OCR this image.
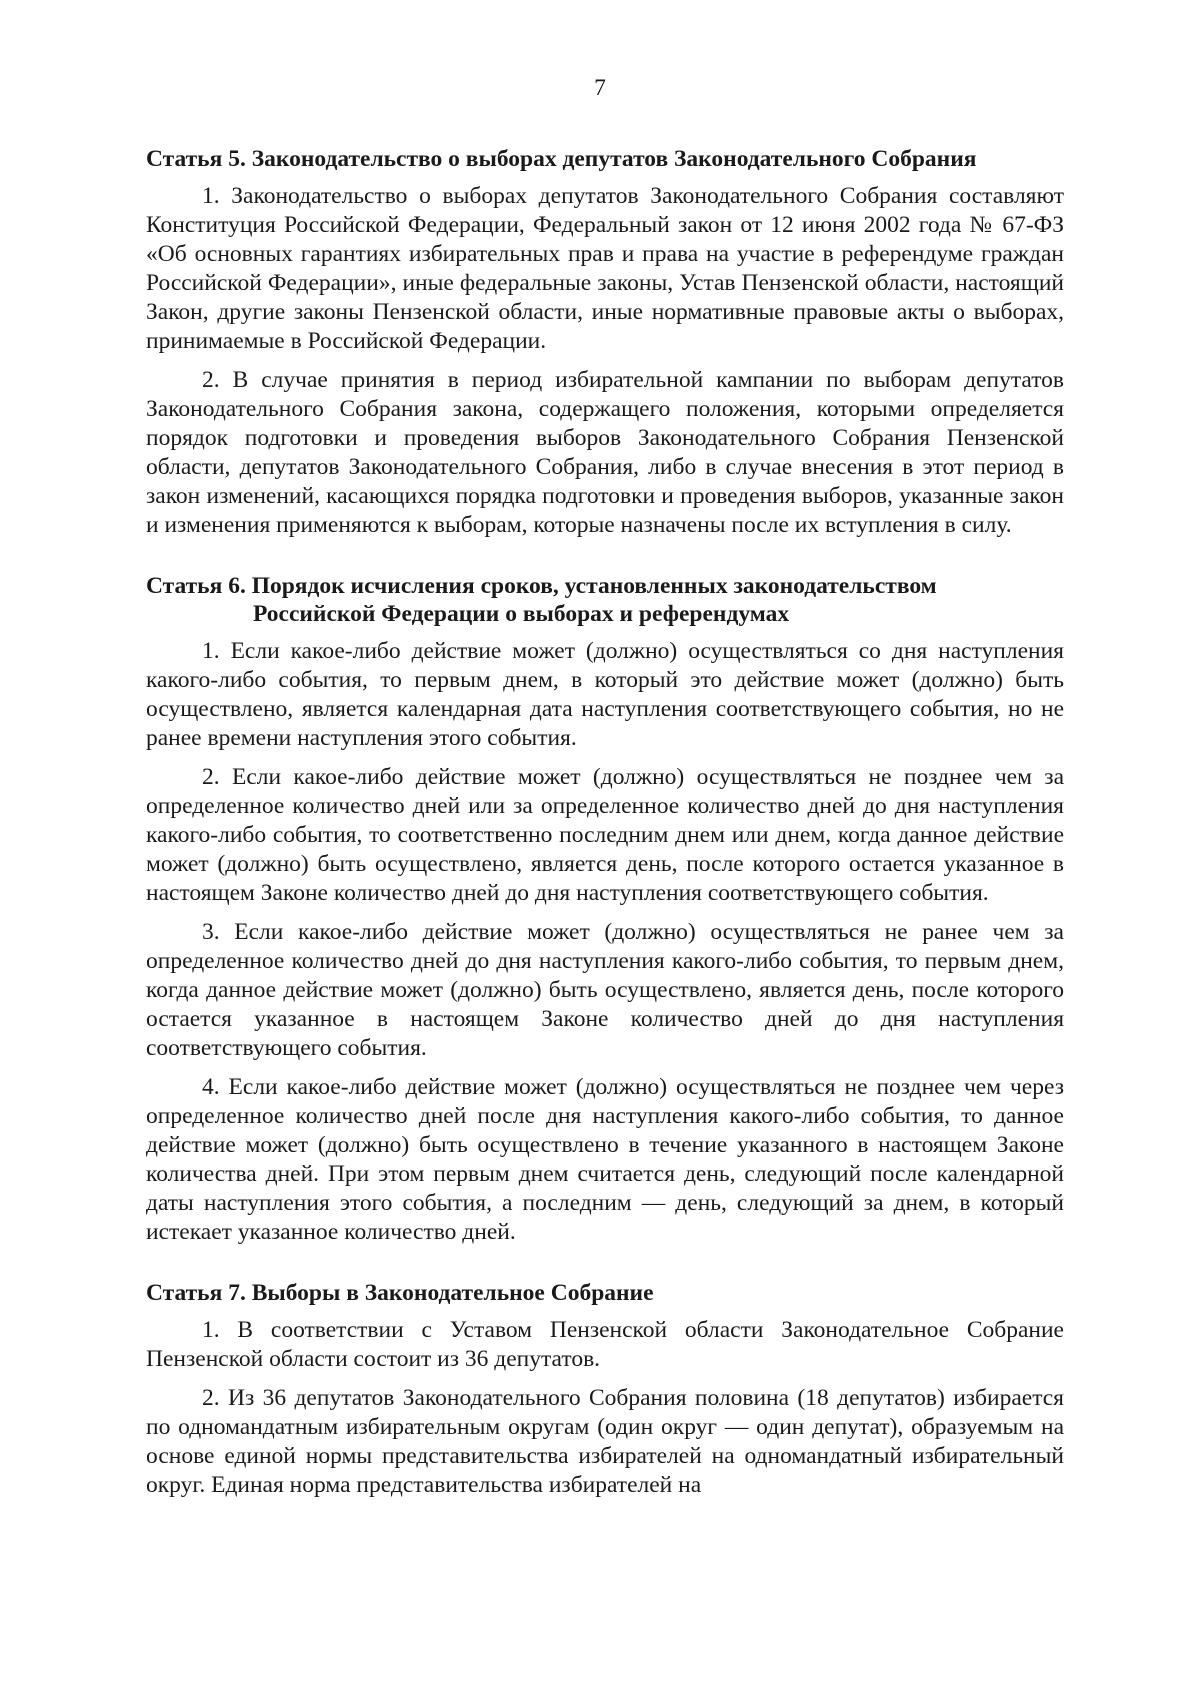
7
Статья 5. Законодательство о выборах депутатов Законодательного Собрания

1. Законодательство о выборах депутатов Законодательного Собрания составляют Конституция Российской Федерации, Федеральный закон от 12 июня 2002 года № 67-ФЗ «Об основных гарантиях избирательных прав и права на участие в референдуме граждан Российской Федерации», иные федеральные законы, Устав Пензенской области, настоящий Закон, другие законы Пензенской области, иные нормативные правовые акты о выборах, принимаемые в Российской Федерации.

2. В случае принятия в период избирательной кампании по выборам депутатов Законодательного Собрания закона, содержащего положения, которыми определяется порядок подготовки и проведения выборов Законодательного Собрания Пензенской области, депутатов Законодательного Собрания, либо в случае внесения в этот период в закон изменений, касающихся порядка подготовки и проведения выборов, указанные закон и изменения применяются к выборам, которые назначены после их вступления в силу.

Статья 6. Порядок исчисления сроков, установленных законодательством Российской Федерации о выборах и референдумах

1. Если какое-либо действие может (должно) осуществляться со дня наступления какого-либо события, то первым днем, в который это действие может (должно) быть осуществлено, является календарная дата наступления соответствующего события, но не ранее времени наступления этого события.

2. Если какое-либо действие может (должно) осуществляться не позднее чем за определенное количество дней или за определенное количество дней до дня наступления какого-либо события, то соответственно последним днем или днем, когда данное действие может (должно) быть осуществлено, является день, после которого остается указанное в настоящем Законе количество дней до дня наступления соответствующего события.

3. Если какое-либо действие может (должно) осуществляться не ранее чем за определенное количество дней до дня наступления какого-либо события, то первым днем, когда данное действие может (должно) быть осуществлено, является день, после которого остается указанное в настоящем Законе количество дней до дня наступления соответствующего события.

4. Если какое-либо действие может (должно) осуществляться не позднее чем через определенное количество дней после дня наступления какого-либо события, то данное действие может (должно) быть осуществлено в течение указанного в настоящем Законе количества дней. При этом первым днем считается день, следующий после календарной даты наступления этого события, а последним — день, следующий за днем, в который истекает указанное количество дней.

Статья 7. Выборы в Законодательное Собрание

1. В соответствии с Уставом Пензенской области Законодательное Собрание Пензенской области состоит из 36 депутатов.

2. Из 36 депутатов Законодательного Собрания половина (18 депутатов) избирается по одномандатным избирательным округам (один округ — один депутат), образуемым на основе единой нормы представительства избирателей на одномандатный избирательный округ. Единая норма представительства избирателей на
